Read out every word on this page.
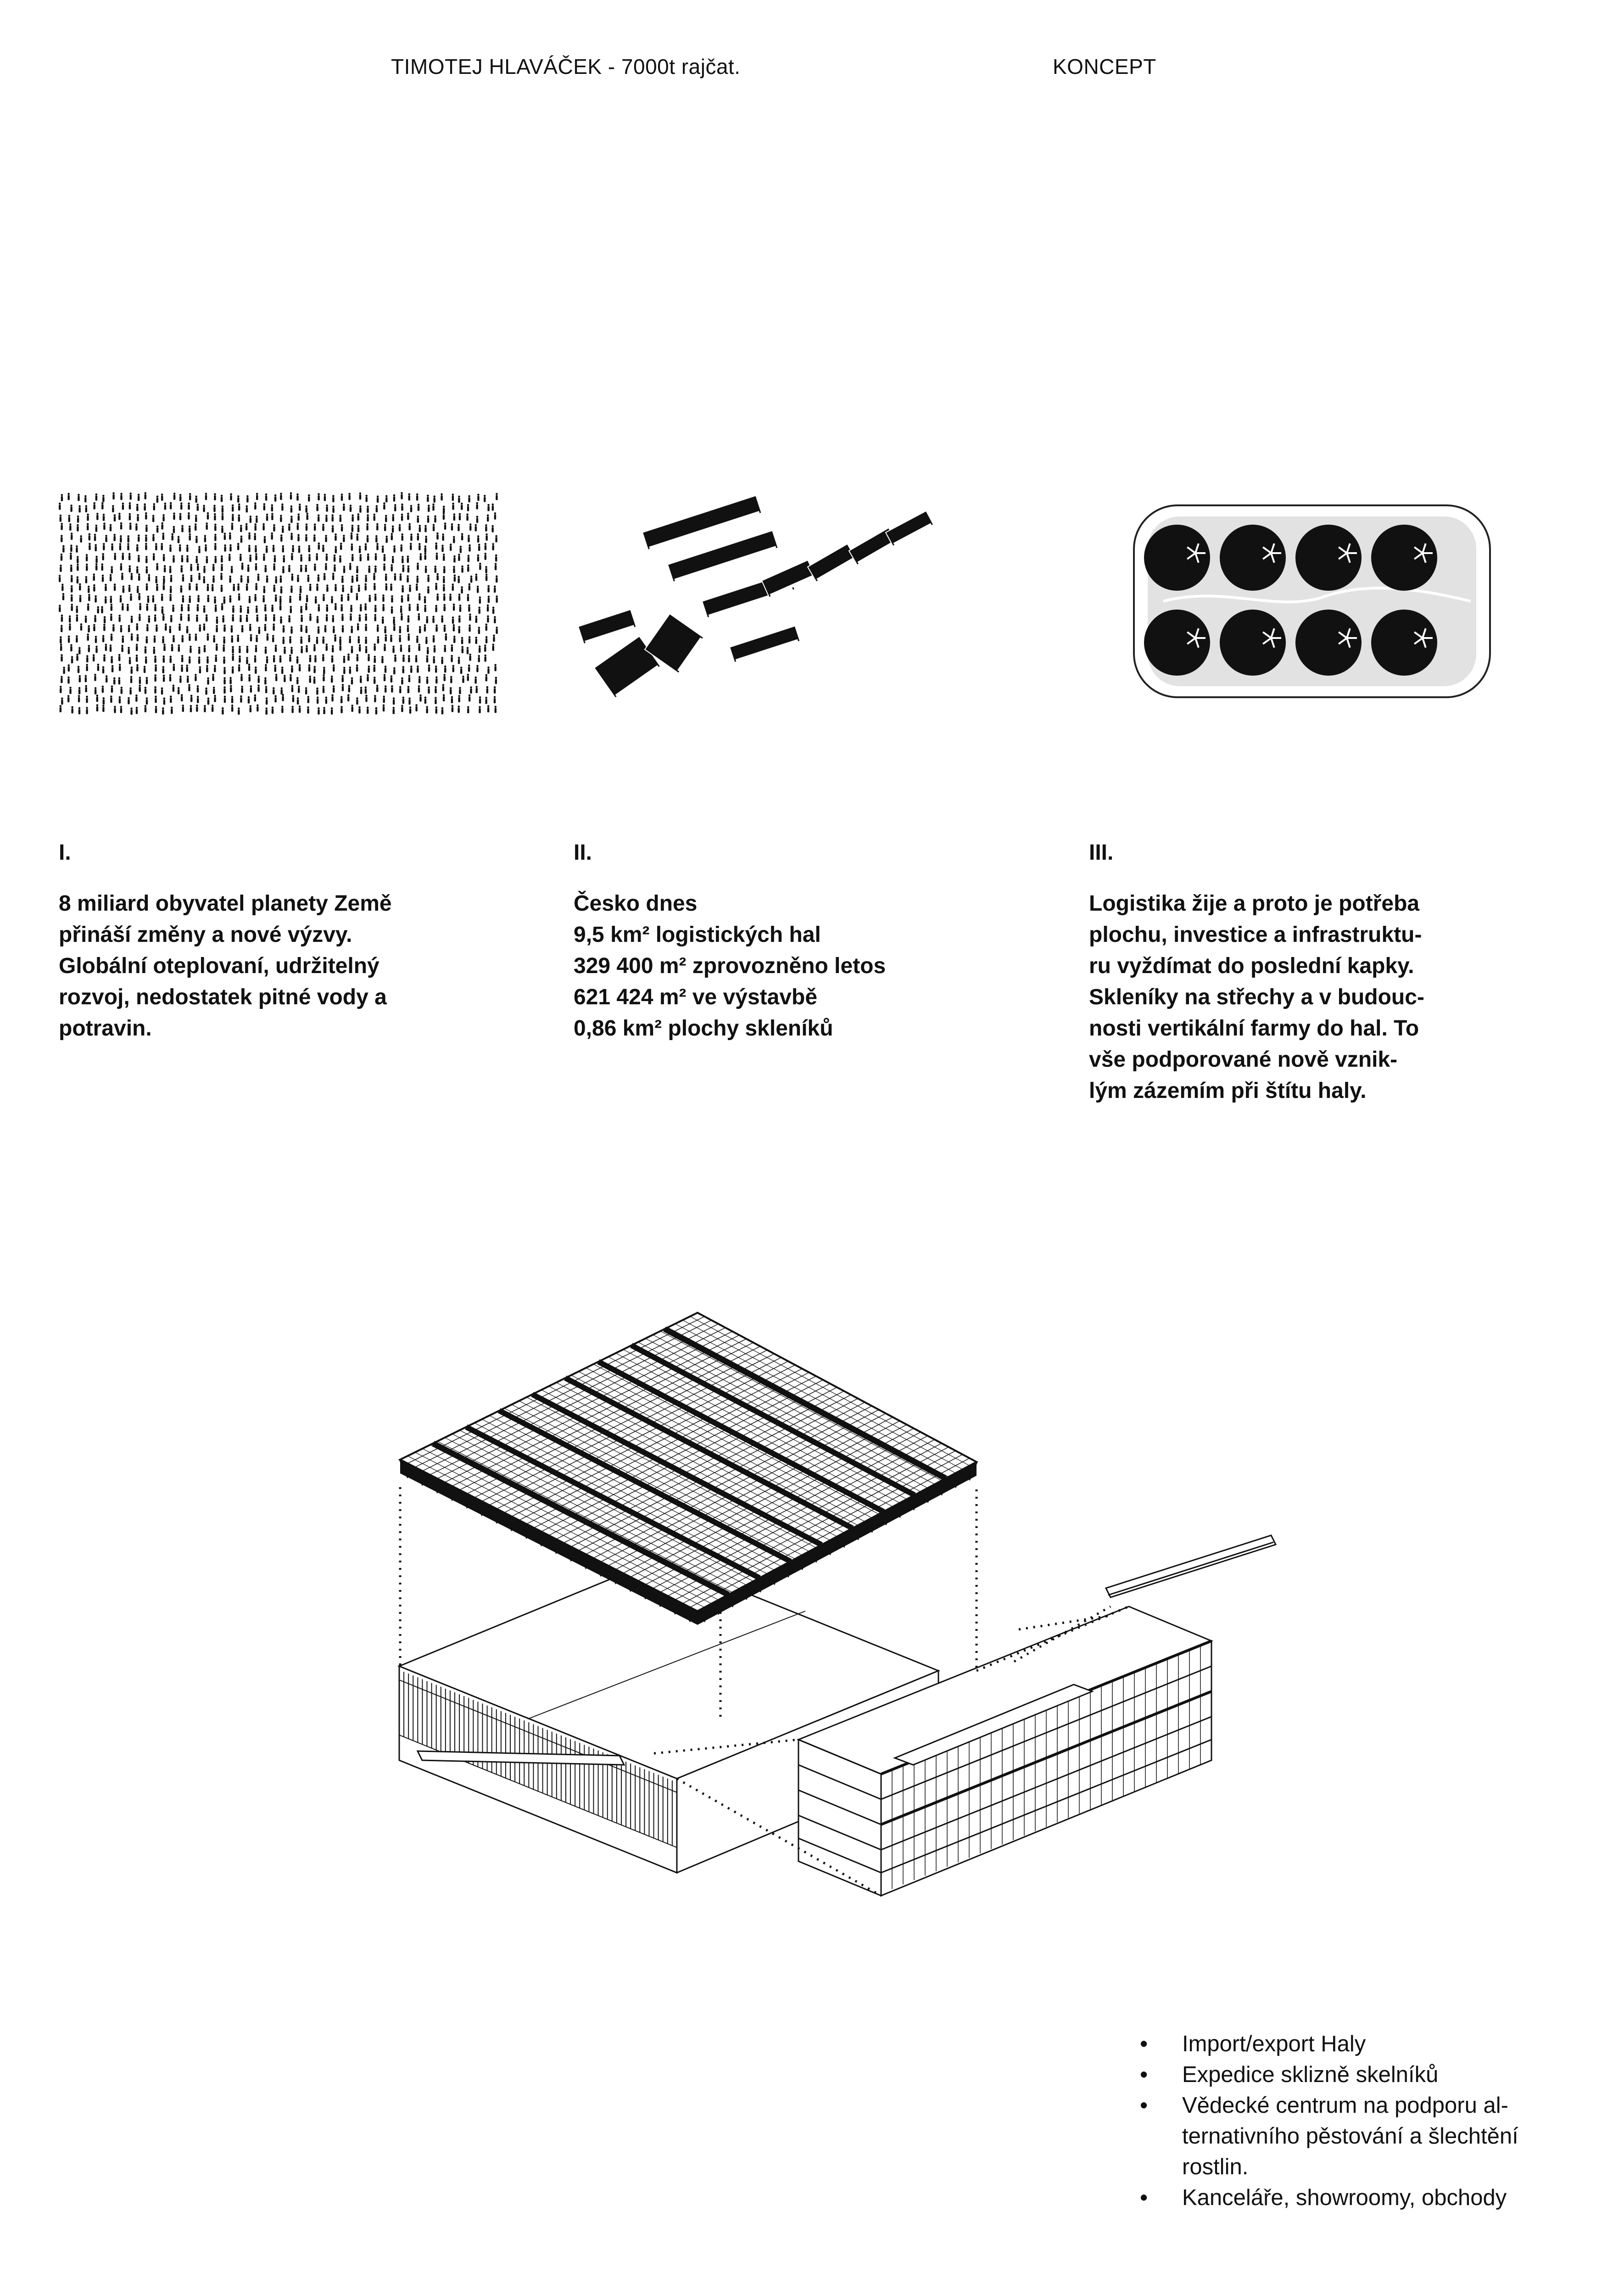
TIMOTEJ HLAVÁČEK - 7000t rajčat.	KONCEPT
I.
8 miliard obyvatel planety Země
přináší změny a nové výzvy.
Globální oteplovaní, udržitelný
rozvoj, nedostatek pitné vody a
potravin.
II.
Česko dnes
9,5 km² logistických hal
329 400 m² zprovozněno letos
621 424 m² ve výstavbě
0,86 km² plochy skleníků
III.
Logistika žije a proto je potřeba
plochu, investice a infrastruktu-
ru vyždímat do poslední kapky.
Skleníky na střechy a v budouc-
nosti vertikální farmy do hal. To
vše podporované nově vznik-
lým zázemím při štítu haly.
• Import/export Haly
• Expedice sklizně skelníků
• Vědecké centrum na podporu al-
ternativního pěstování a šlechtění
rostlin.
• Kanceláře, showroomy, obchody
